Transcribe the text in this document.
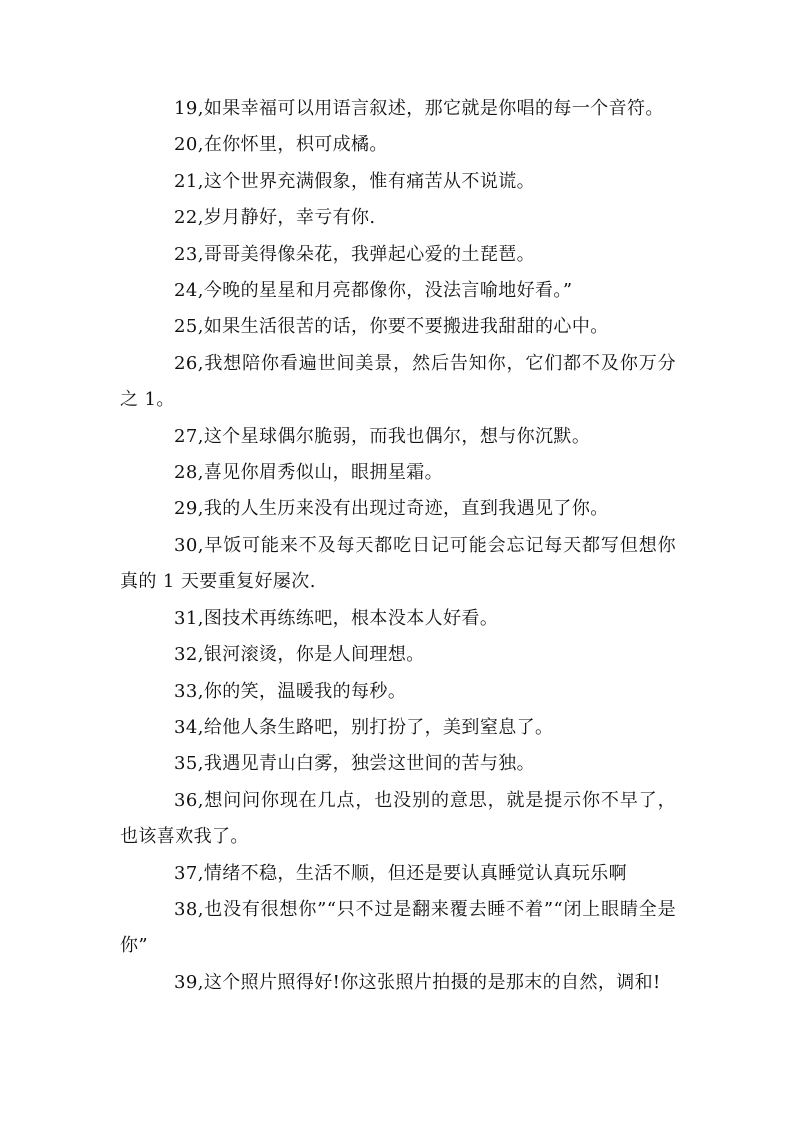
19,如果幸福可以用语言叙述，那它就是你唱的每一个音符。

20,在你怀里，枳可成橘。

21,这个世界充满假象，惟有痛苦从不说谎。

22,岁月静好，幸亏有你.

23,哥哥美得像朵花，我弹起心爱的土琵琶。

24,今晚的星星和月亮都像你，没法言喻地好看。”

25,如果生活很苦的话，你要不要搬进我甜甜的心中。

26,我想陪你看遍世间美景，然后告知你，它们都不及你万分之 1。

27,这个星球偶尔脆弱，而我也偶尔，想与你沉默。

28,喜见你眉秀似山，眼拥星霜。

29,我的人生历来没有出现过奇迹，直到我遇见了你。

30,早饭可能来不及每天都吃日记可能会忘记每天都写但想你真的 1 天要重复好屡次.

31,图技术再练练吧，根本没本人好看。

32,银河滚烫，你是人间理想。

33,你的笑，温暖我的每秒。

34,给他人条生路吧，别打扮了，美到窒息了。

35,我遇见青山白雾，独尝这世间的苦与独。

36,想问问你现在几点，也没别的意思，就是提示你不早了，也该喜欢我了。

37,情绪不稳，生活不顺，但还是要认真睡觉认真玩乐啊

38,也没有很想你”“只不过是翻来覆去睡不着”“闭上眼睛全是你”

39,这个照片照得好!你这张照片拍摄的是那末的自然，调和!
